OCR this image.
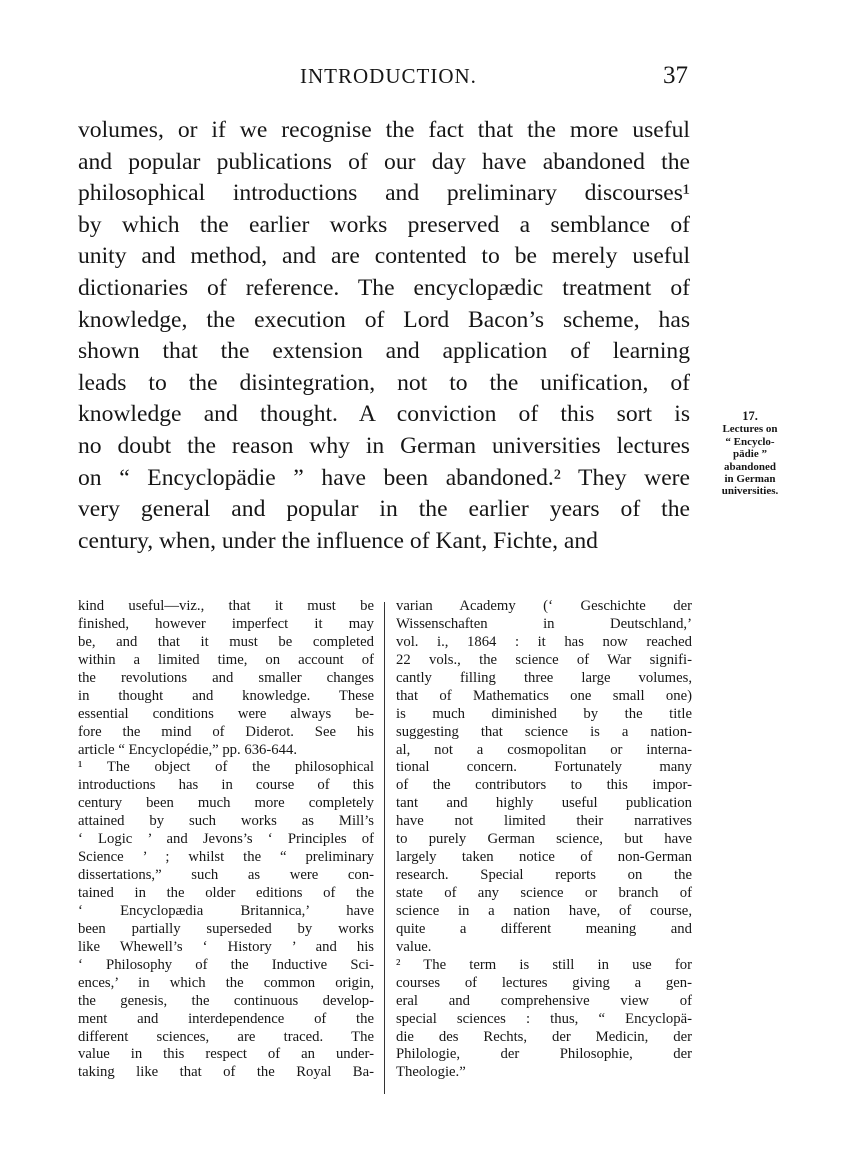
INTRODUCTION.	37
volumes, or if we recognise the fact that the more useful
and popular publications of our day have abandoned the
philosophical introductions and preliminary discourses¹
by which the earlier works preserved a semblance of
unity and method, and are contented to be merely useful
dictionaries of reference. The encyclopædic treatment of
knowledge, the execution of Lord Bacon’s scheme, has
shown that the extension and application of learning
leads to the disintegration, not to the unification, of
knowledge and thought. A conviction of this sort is
no doubt the reason why in German universities lectures
on “ Encyclopädie ” have been abandoned.² They were
very general and popular in the earlier years of the
century, when, under the influence of Kant, Fichte, and
17.
Lectures on
“ Encyclo-
pädie ”
abandoned
in German
universities.
kind useful—viz., that it must be
finished, however imperfect it may
be, and that it must be completed
within a limited time, on account of
the revolutions and smaller changes
in thought and knowledge. These
essential conditions were always be-
fore the mind of Diderot. See his
article “ Encyclopédie,” pp. 636-644.
¹ The object of the philosophical
introductions has in course of this
century been much more completely
attained by such works as Mill’s
‘ Logic ’ and Jevons’s ‘ Principles of
Science ’ ; whilst the “ preliminary
dissertations,” such as were con-
tained in the older editions of the
‘ Encyclopædia Britannica,’ have
been partially superseded by works
like Whewell’s ‘ History ’ and his
‘ Philosophy of the Inductive Sci-
ences,’ in which the common origin,
the genesis, the continuous develop-
ment and interdependence of the
different sciences, are traced. The
value in this respect of an under-
taking like that of the Royal Ba-
varian Academy (‘ Geschichte der
Wissenschaften in Deutschland,’
vol. i., 1864 : it has now reached
22 vols., the science of War signifi-
cantly filling three large volumes,
that of Mathematics one small one)
is much diminished by the title
suggesting that science is a nation-
al, not a cosmopolitan or interna-
tional concern. Fortunately many
of the contributors to this impor-
tant and highly useful publication
have not limited their narratives
to purely German science, but have
largely taken notice of non-German
research. Special reports on the
state of any science or branch of
science in a nation have, of course,
quite a different meaning and
value.
² The term is still in use for
courses of lectures giving a gen-
eral and comprehensive view of
special sciences : thus, “ Encyclopä-
die des Rechts, der Medicin, der
Philologie, der Philosophie, der
Theologie.”
